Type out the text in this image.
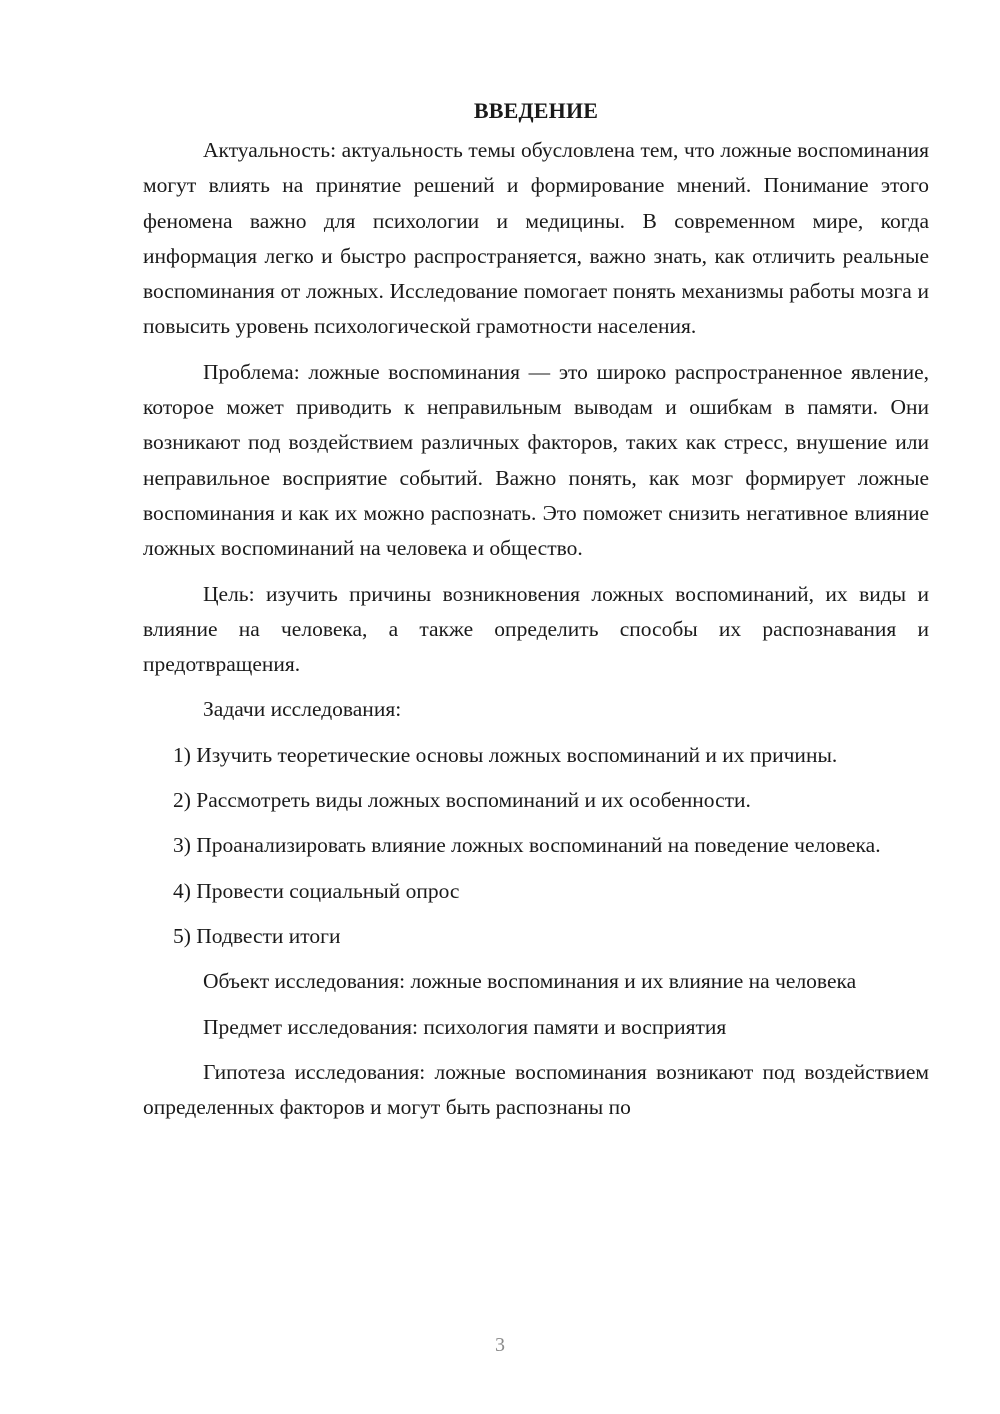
ВВЕДЕНИЕ

Актуальность: актуальность темы обусловлена тем, что ложные воспоминания могут влиять на принятие решений и формирование мнений. Понимание этого феномена важно для психологии и медицины. В современном мире, когда информация легко и быстро распространяется, важно знать, как отличить реальные воспоминания от ложных. Исследование помогает понять механизмы работы мозга и повысить уровень психологической грамотности населения.

Проблема: ложные воспоминания — это широко распространенное явление, которое может приводить к неправильным выводам и ошибкам в памяти. Они возникают под воздействием различных факторов, таких как стресс, внушение или неправильное восприятие событий. Важно понять, как мозг формирует ложные воспоминания и как их можно распознать. Это поможет снизить негативное влияние ложных воспоминаний на человека и общество.

Цель: изучить причины возникновения ложных воспоминаний, их виды и влияние на человека, а также определить способы их распознавания и предотвращения.

Задачи исследования:

1) Изучить теоретические основы ложных воспоминаний и их причины.

2) Рассмотреть виды ложных воспоминаний и их особенности.

3) Проанализировать влияние ложных воспоминаний на поведение человека.

4) Провести социальный опрос

5) Подвести итоги

Объект исследования: ложные воспоминания и их влияние на человека

Предмет исследования: психология памяти и восприятия

Гипотеза исследования: ложные воспоминания возникают под воздействием определенных факторов и могут быть распознаны по

3
